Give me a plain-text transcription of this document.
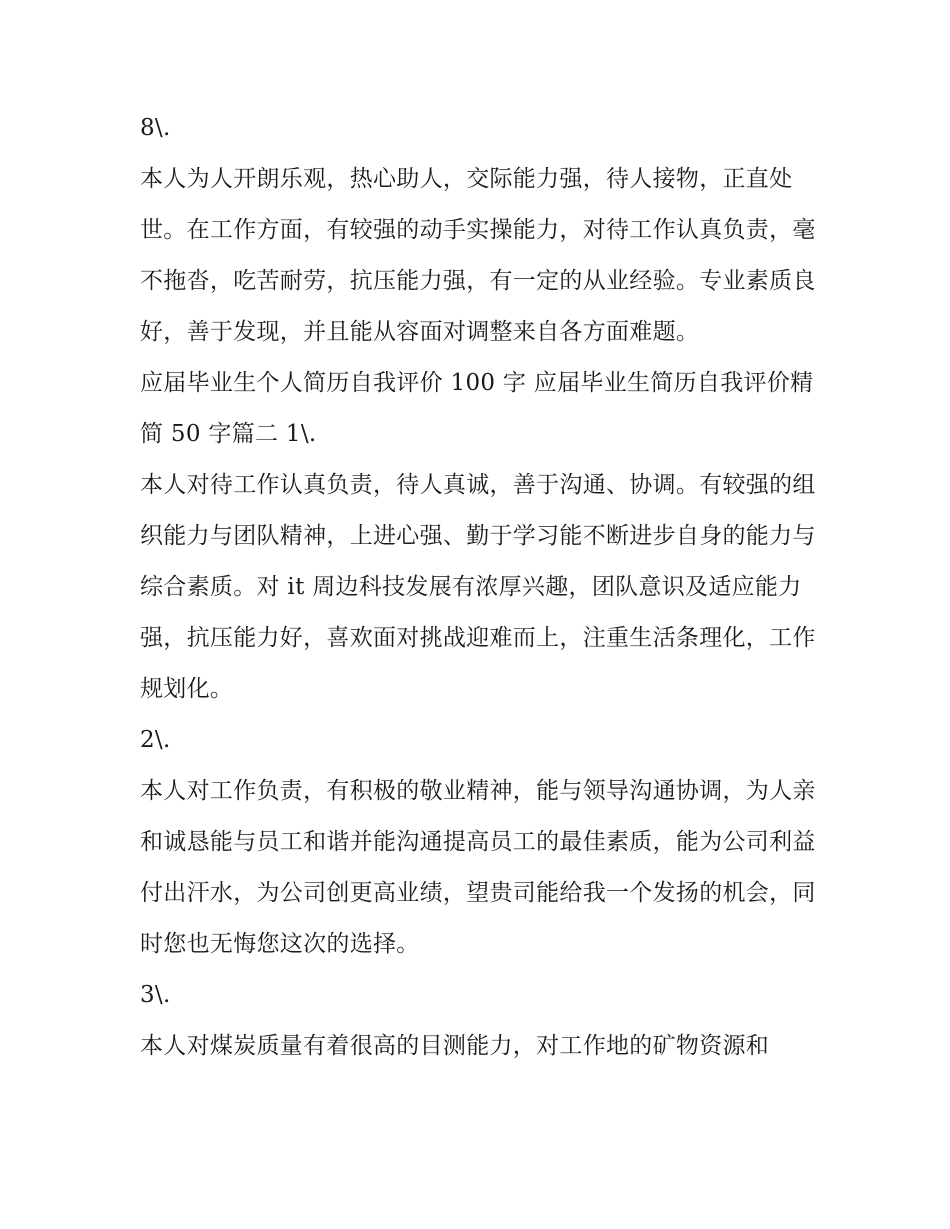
8\.

本人为人开朗乐观，热心助人，交际能力强，待人接物，正直处世。在工作方面，有较强的动手实操能力，对待工作认真负责，毫不拖沓，吃苦耐劳，抗压能力强，有一定的从业经验。专业素质良好，善于发现，并且能从容面对调整来自各方面难题。

应届毕业生个人简历自我评价 100 字 应届毕业生简历自我评价精简 50 字篇二 1\.

本人对待工作认真负责，待人真诚，善于沟通、协调。有较强的组织能力与团队精神，上进心强、勤于学习能不断进步自身的能力与综合素质。对 it 周边科技发展有浓厚兴趣，团队意识及适应能力强，抗压能力好，喜欢面对挑战迎难而上，注重生活条理化，工作规划化。

2\.

本人对工作负责，有积极的敬业精神，能与领导沟通协调，为人亲和诚恳能与员工和谐并能沟通提高员工的最佳素质，能为公司利益付出汗水，为公司创更高业绩，望贵司能给我一个发扬的机会，同时您也无悔您这次的选择。

3\.

本人对煤炭质量有着很高的目测能力，对工作地的矿物资源和
